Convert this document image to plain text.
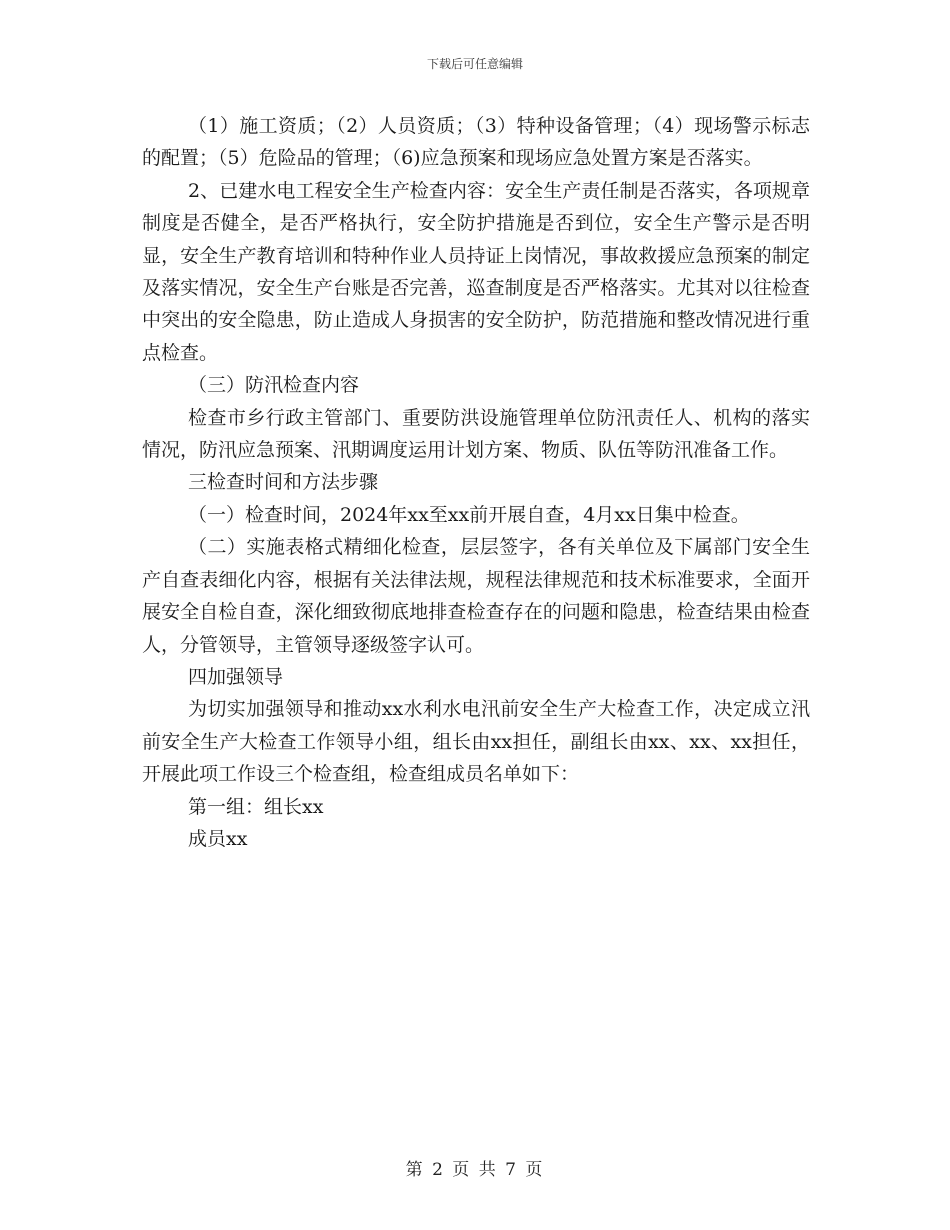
下载后可任意编辑

（1）施工资质；（2）人员资质；（3）特种设备管理；（4）现场警示标志的配置；（5）危险品的管理；（6)应急预案和现场应急处置方案是否落实。

2、已建水电工程安全生产检查内容：安全生产责任制是否落实，各项规章制度是否健全，是否严格执行，安全防护措施是否到位，安全生产警示是否明显，安全生产教育培训和特种作业人员持证上岗情况，事故救援应急预案的制定及落实情况，安全生产台账是否完善，巡查制度是否严格落实。尤其对以往检查中突出的安全隐患，防止造成人身损害的安全防护，防范措施和整改情况进行重点检查。

（三）防汛检查内容

检查市乡行政主管部门、重要防洪设施管理单位防汛责任人、机构的落实情况，防汛应急预案、汛期调度运用计划方案、物质、队伍等防汛准备工作。

三检查时间和方法步骤

（一）检查时间，2024年xx至xx前开展自查，4月xx日集中检查。

（二）实施表格式精细化检查，层层签字，各有关单位及下属部门安全生产自查表细化内容，根据有关法律法规，规程法律规范和技术标准要求，全面开展安全自检自查，深化细致彻底地排查检查存在的问题和隐患，检查结果由检查人，分管领导，主管领导逐级签字认可。

四加强领导

为切实加强领导和推动xx水利水电汛前安全生产大检查工作，决定成立汛前安全生产大检查工作领导小组，组长由xx担任，副组长由xx、xx、xx担任，开展此项工作设三个检查组，检查组成员名单如下：

第一组：组长xx

成员xx

第 2 页 共 7 页
